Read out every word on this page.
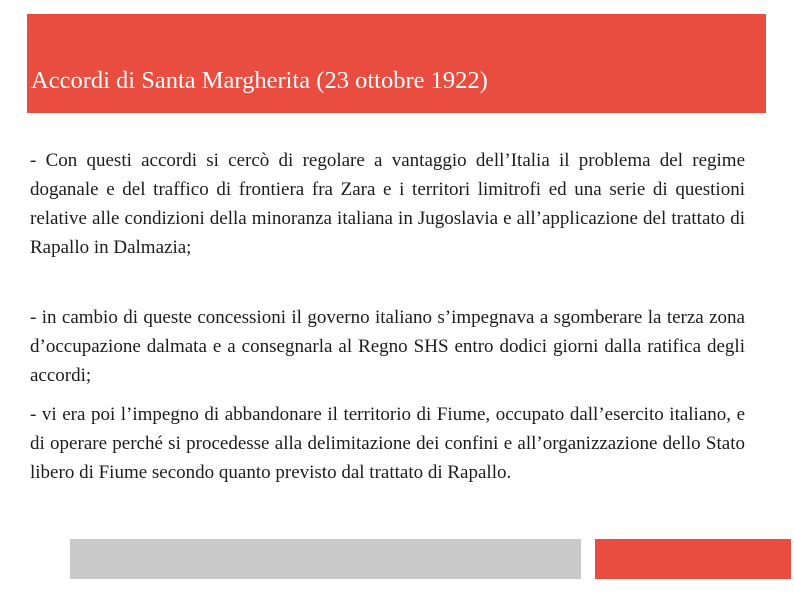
Accordi di Santa Margherita (23 ottobre 1922)

- Con questi accordi si cercò di regolare a vantaggio dell’Italia il problema del regime doganale e del traffico di frontiera fra Zara e i territori limitrofi ed una serie di questioni relative alle condizioni della minoranza italiana in Jugoslavia e all’applicazione del trattato di Rapallo in Dalmazia;

- in cambio di queste concessioni il governo italiano s’impegnava a sgomberare la terza zona d’occupazione dalmata e a consegnarla al Regno SHS entro dodici giorni dalla ratifica degli accordi;

- vi era poi l’impegno di abbandonare il territorio di Fiume, occupato dall’esercito italiano, e di operare perché si procedesse alla delimitazione dei confini e all’organizzazione dello Stato libero di Fiume secondo quanto previsto dal trattato di Rapallo.
